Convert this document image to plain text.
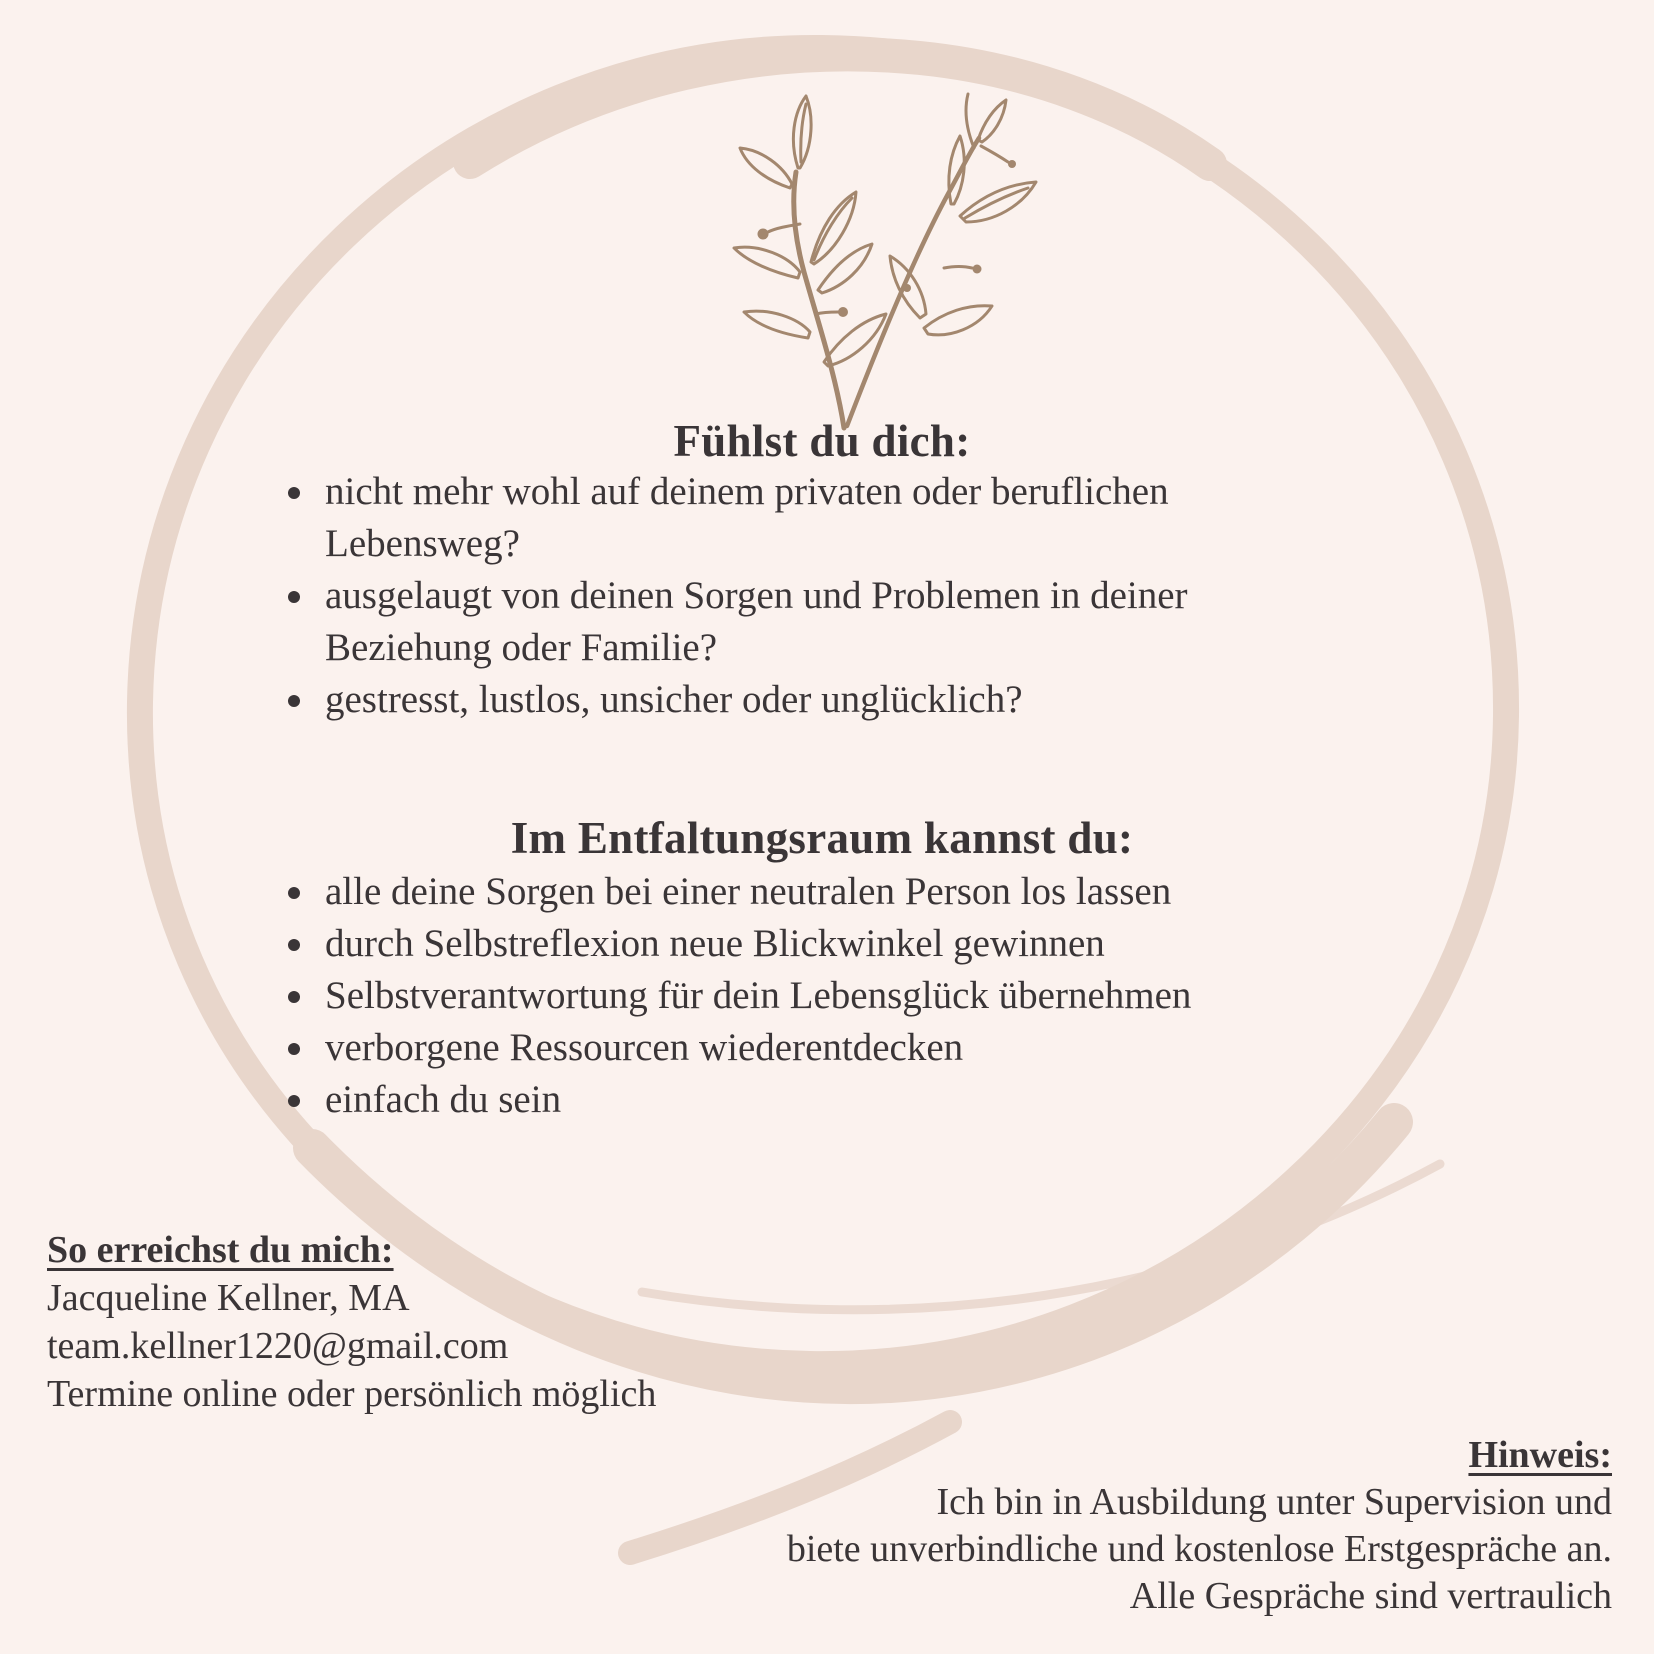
Fühlst du dich:
nicht mehr wohl auf deinem privaten oder beruflichen Lebensweg?
ausgelaugt von deinen Sorgen und Problemen in deiner Beziehung oder Familie?
gestresst, lustlos, unsicher oder unglücklich?
Im Entfaltungsraum kannst du:
alle deine Sorgen bei einer neutralen Person los lassen
durch Selbstreflexion neue Blickwinkel gewinnen
Selbstverantwortung für dein Lebensglück übernehmen
verborgene Ressourcen wiederentdecken
einfach du sein
So erreichst du mich:
Jacqueline Kellner, MA
team.kellner1220@gmail.com
Termine online oder persönlich möglich
Hinweis:
Ich bin in Ausbildung unter Supervision und
biete unverbindliche und kostenlose Erstgespräche an.
Alle Gespräche sind vertraulich
